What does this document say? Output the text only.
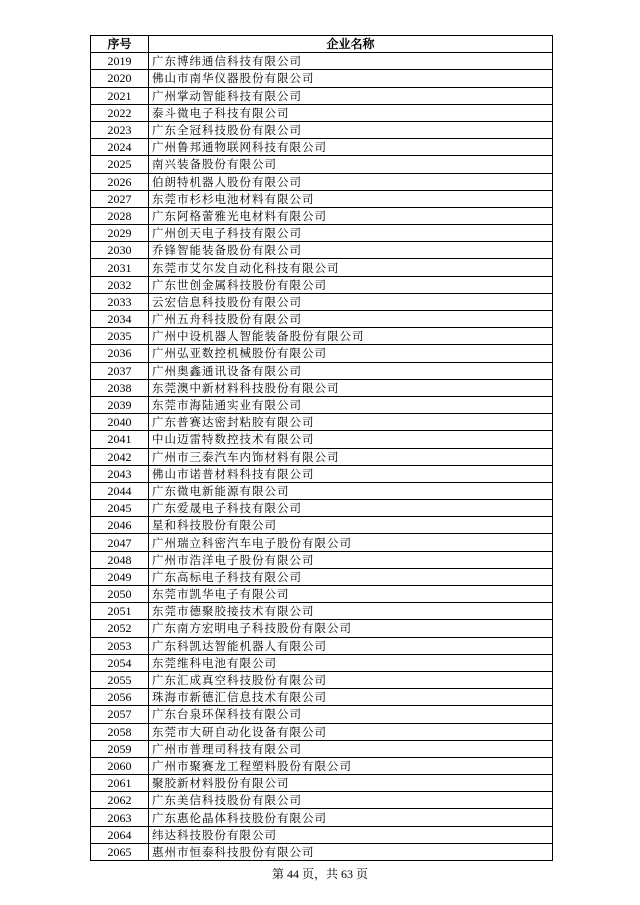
序号	企业名称
2019	广东博纬通信科技有限公司
2020	佛山市南华仪器股份有限公司
2021	广州掌动智能科技有限公司
2022	泰斗微电子科技有限公司
2023	广东全冠科技股份有限公司
2024	广州鲁邦通物联网科技有限公司
2025	南兴装备股份有限公司
2026	伯朗特机器人股份有限公司
2027	东莞市杉杉电池材料有限公司
2028	广东阿格蕾雅光电材料有限公司
2029	广州创天电子科技有限公司
2030	乔锋智能装备股份有限公司
2031	东莞市艾尔发自动化科技有限公司
2032	广东世创金属科技股份有限公司
2033	云宏信息科技股份有限公司
2034	广州五舟科技股份有限公司
2035	广州中设机器人智能装备股份有限公司
2036	广州弘亚数控机械股份有限公司
2037	广州奥鑫通讯设备有限公司
2038	东莞澳中新材料科技股份有限公司
2039	东莞市海陆通实业有限公司
2040	广东普赛达密封粘胶有限公司
2041	中山迈雷特数控技术有限公司
2042	广州市三泰汽车内饰材料有限公司
2043	佛山市诺普材料科技有限公司
2044	广东微电新能源有限公司
2045	广东爱晟电子科技有限公司
2046	星和科技股份有限公司
2047	广州瑞立科密汽车电子股份有限公司
2048	广州市浩洋电子股份有限公司
2049	广东高标电子科技有限公司
2050	东莞市凯华电子有限公司
2051	东莞市德聚胶接技术有限公司
2052	广东南方宏明电子科技股份有限公司
2053	广东科凯达智能机器人有限公司
2054	东莞维科电池有限公司
2055	广东汇成真空科技股份有限公司
2056	珠海市新德汇信息技术有限公司
2057	广东台泉环保科技有限公司
2058	东莞市大研自动化设备有限公司
2059	广州市普理司科技有限公司
2060	广州市聚赛龙工程塑料股份有限公司
2061	聚胶新材料股份有限公司
2062	广东美信科技股份有限公司
2063	广东惠伦晶体科技股份有限公司
2064	纬达科技股份有限公司
2065	惠州市恒泰科技股份有限公司
第 44 页，共 63 页
